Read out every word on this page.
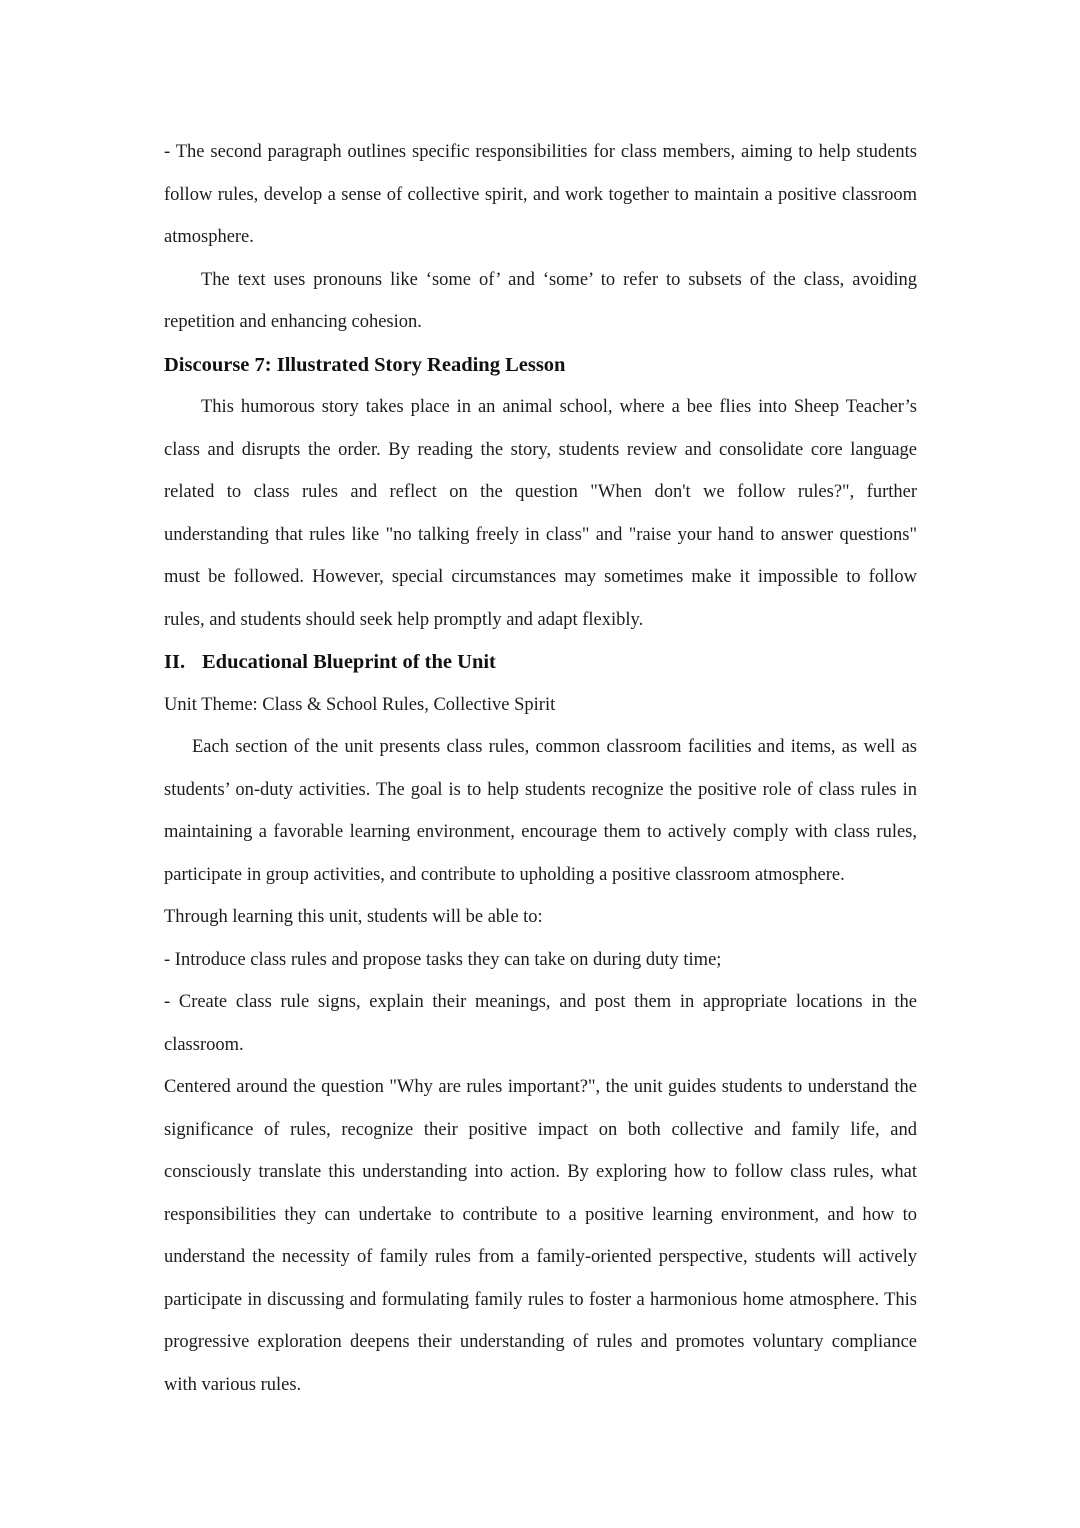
- The second paragraph outlines specific responsibilities for class members, aiming to help students follow rules, develop a sense of collective spirit, and work together to maintain a positive classroom atmosphere.

The text uses pronouns like ‘some of’ and ‘some’ to refer to subsets of the class, avoiding repetition and enhancing cohesion.

Discourse 7: Illustrated Story Reading Lesson

This humorous story takes place in an animal school, where a bee flies into Sheep Teacher’s class and disrupts the order. By reading the story, students review and consolidate core language related to class rules and reflect on the question "When don't we follow rules?", further understanding that rules like "no talking freely in class" and "raise your hand to answer questions" must be followed. However, special circumstances may sometimes make it impossible to follow rules, and students should seek help promptly and adapt flexibly.

II. Educational Blueprint of the Unit

Unit Theme: Class & School Rules, Collective Spirit

Each section of the unit presents class rules, common classroom facilities and items, as well as students’ on-duty activities. The goal is to help students recognize the positive role of class rules in maintaining a favorable learning environment, encourage them to actively comply with class rules, participate in group activities, and contribute to upholding a positive classroom atmosphere.

Through learning this unit, students will be able to:

- Introduce class rules and propose tasks they can take on during duty time;

- Create class rule signs, explain their meanings, and post them in appropriate locations in the classroom.

Centered around the question "Why are rules important?", the unit guides students to understand the significance of rules, recognize their positive impact on both collective and family life, and consciously translate this understanding into action. By exploring how to follow class rules, what responsibilities they can undertake to contribute to a positive learning environment, and how to understand the necessity of family rules from a family-oriented perspective, students will actively participate in discussing and formulating family rules to foster a harmonious home atmosphere. This progressive exploration deepens their understanding of rules and promotes voluntary compliance with various rules.
